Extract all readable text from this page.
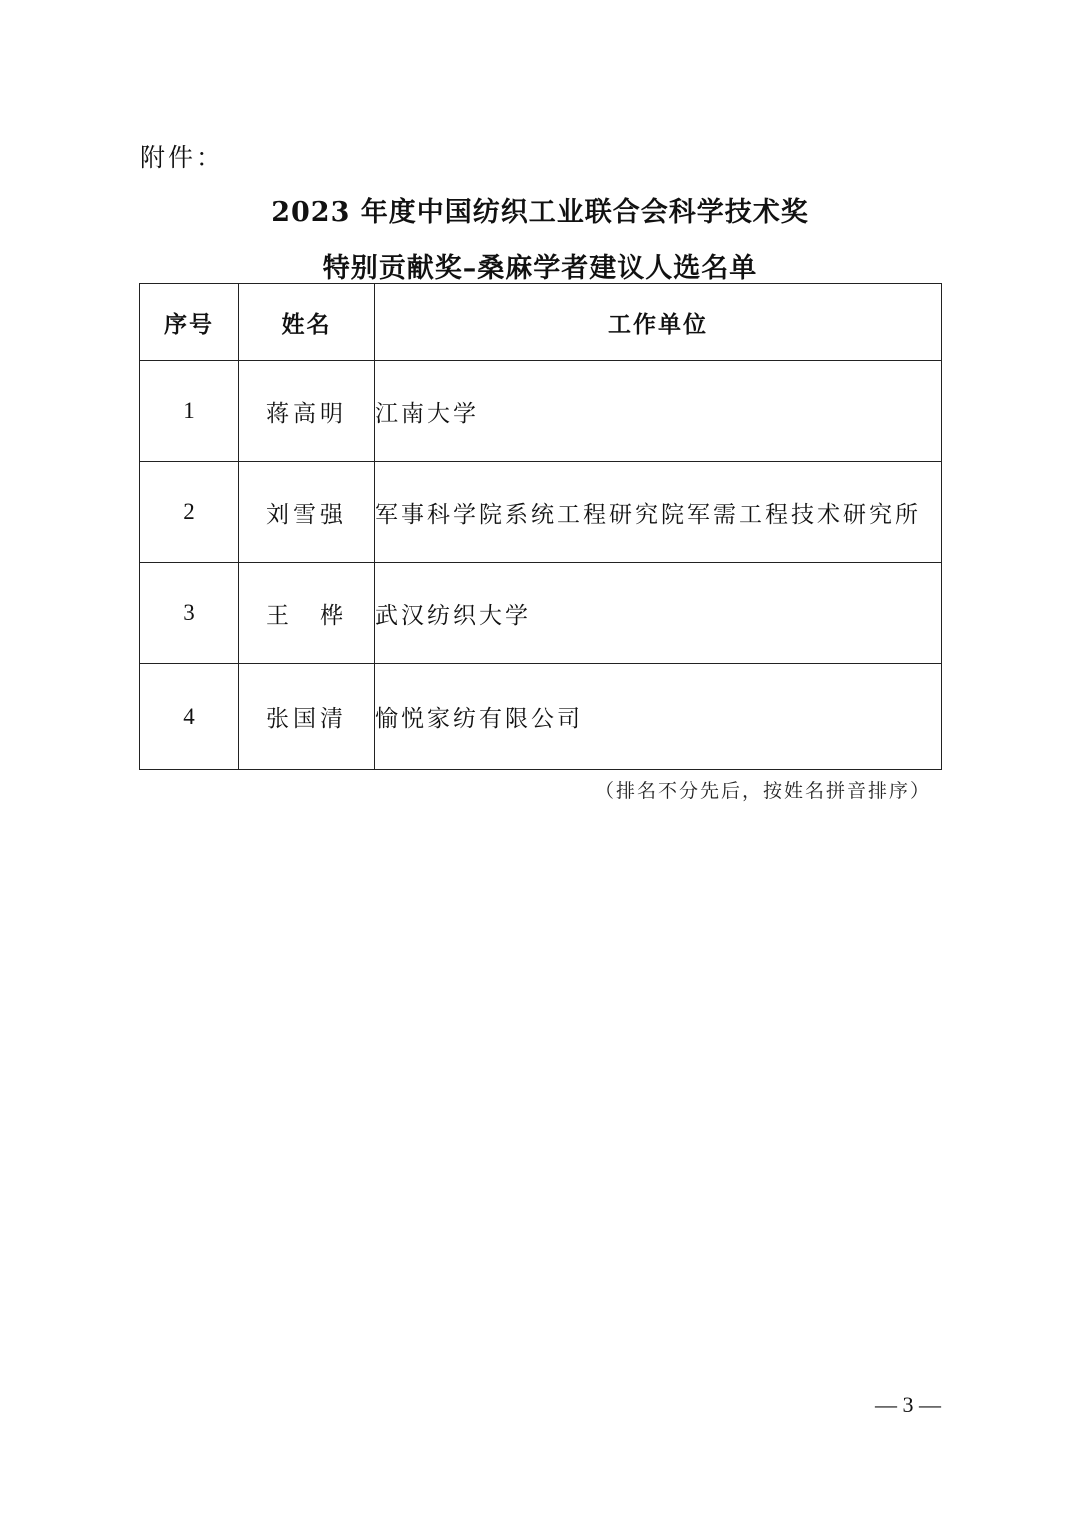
附件：
2023 年度中国纺织工业联合会科学技术奖
特别贡献奖–桑麻学者建议人选名单
序号	姓名	工作单位
1	蒋高明	江南大学
2	刘雪强	军事科学院系统工程研究院军需工程技术研究所
3	王　桦	武汉纺织大学
4	张国清	愉悦家纺有限公司
（排名不分先后，按姓名拼音排序）
— 3 —
